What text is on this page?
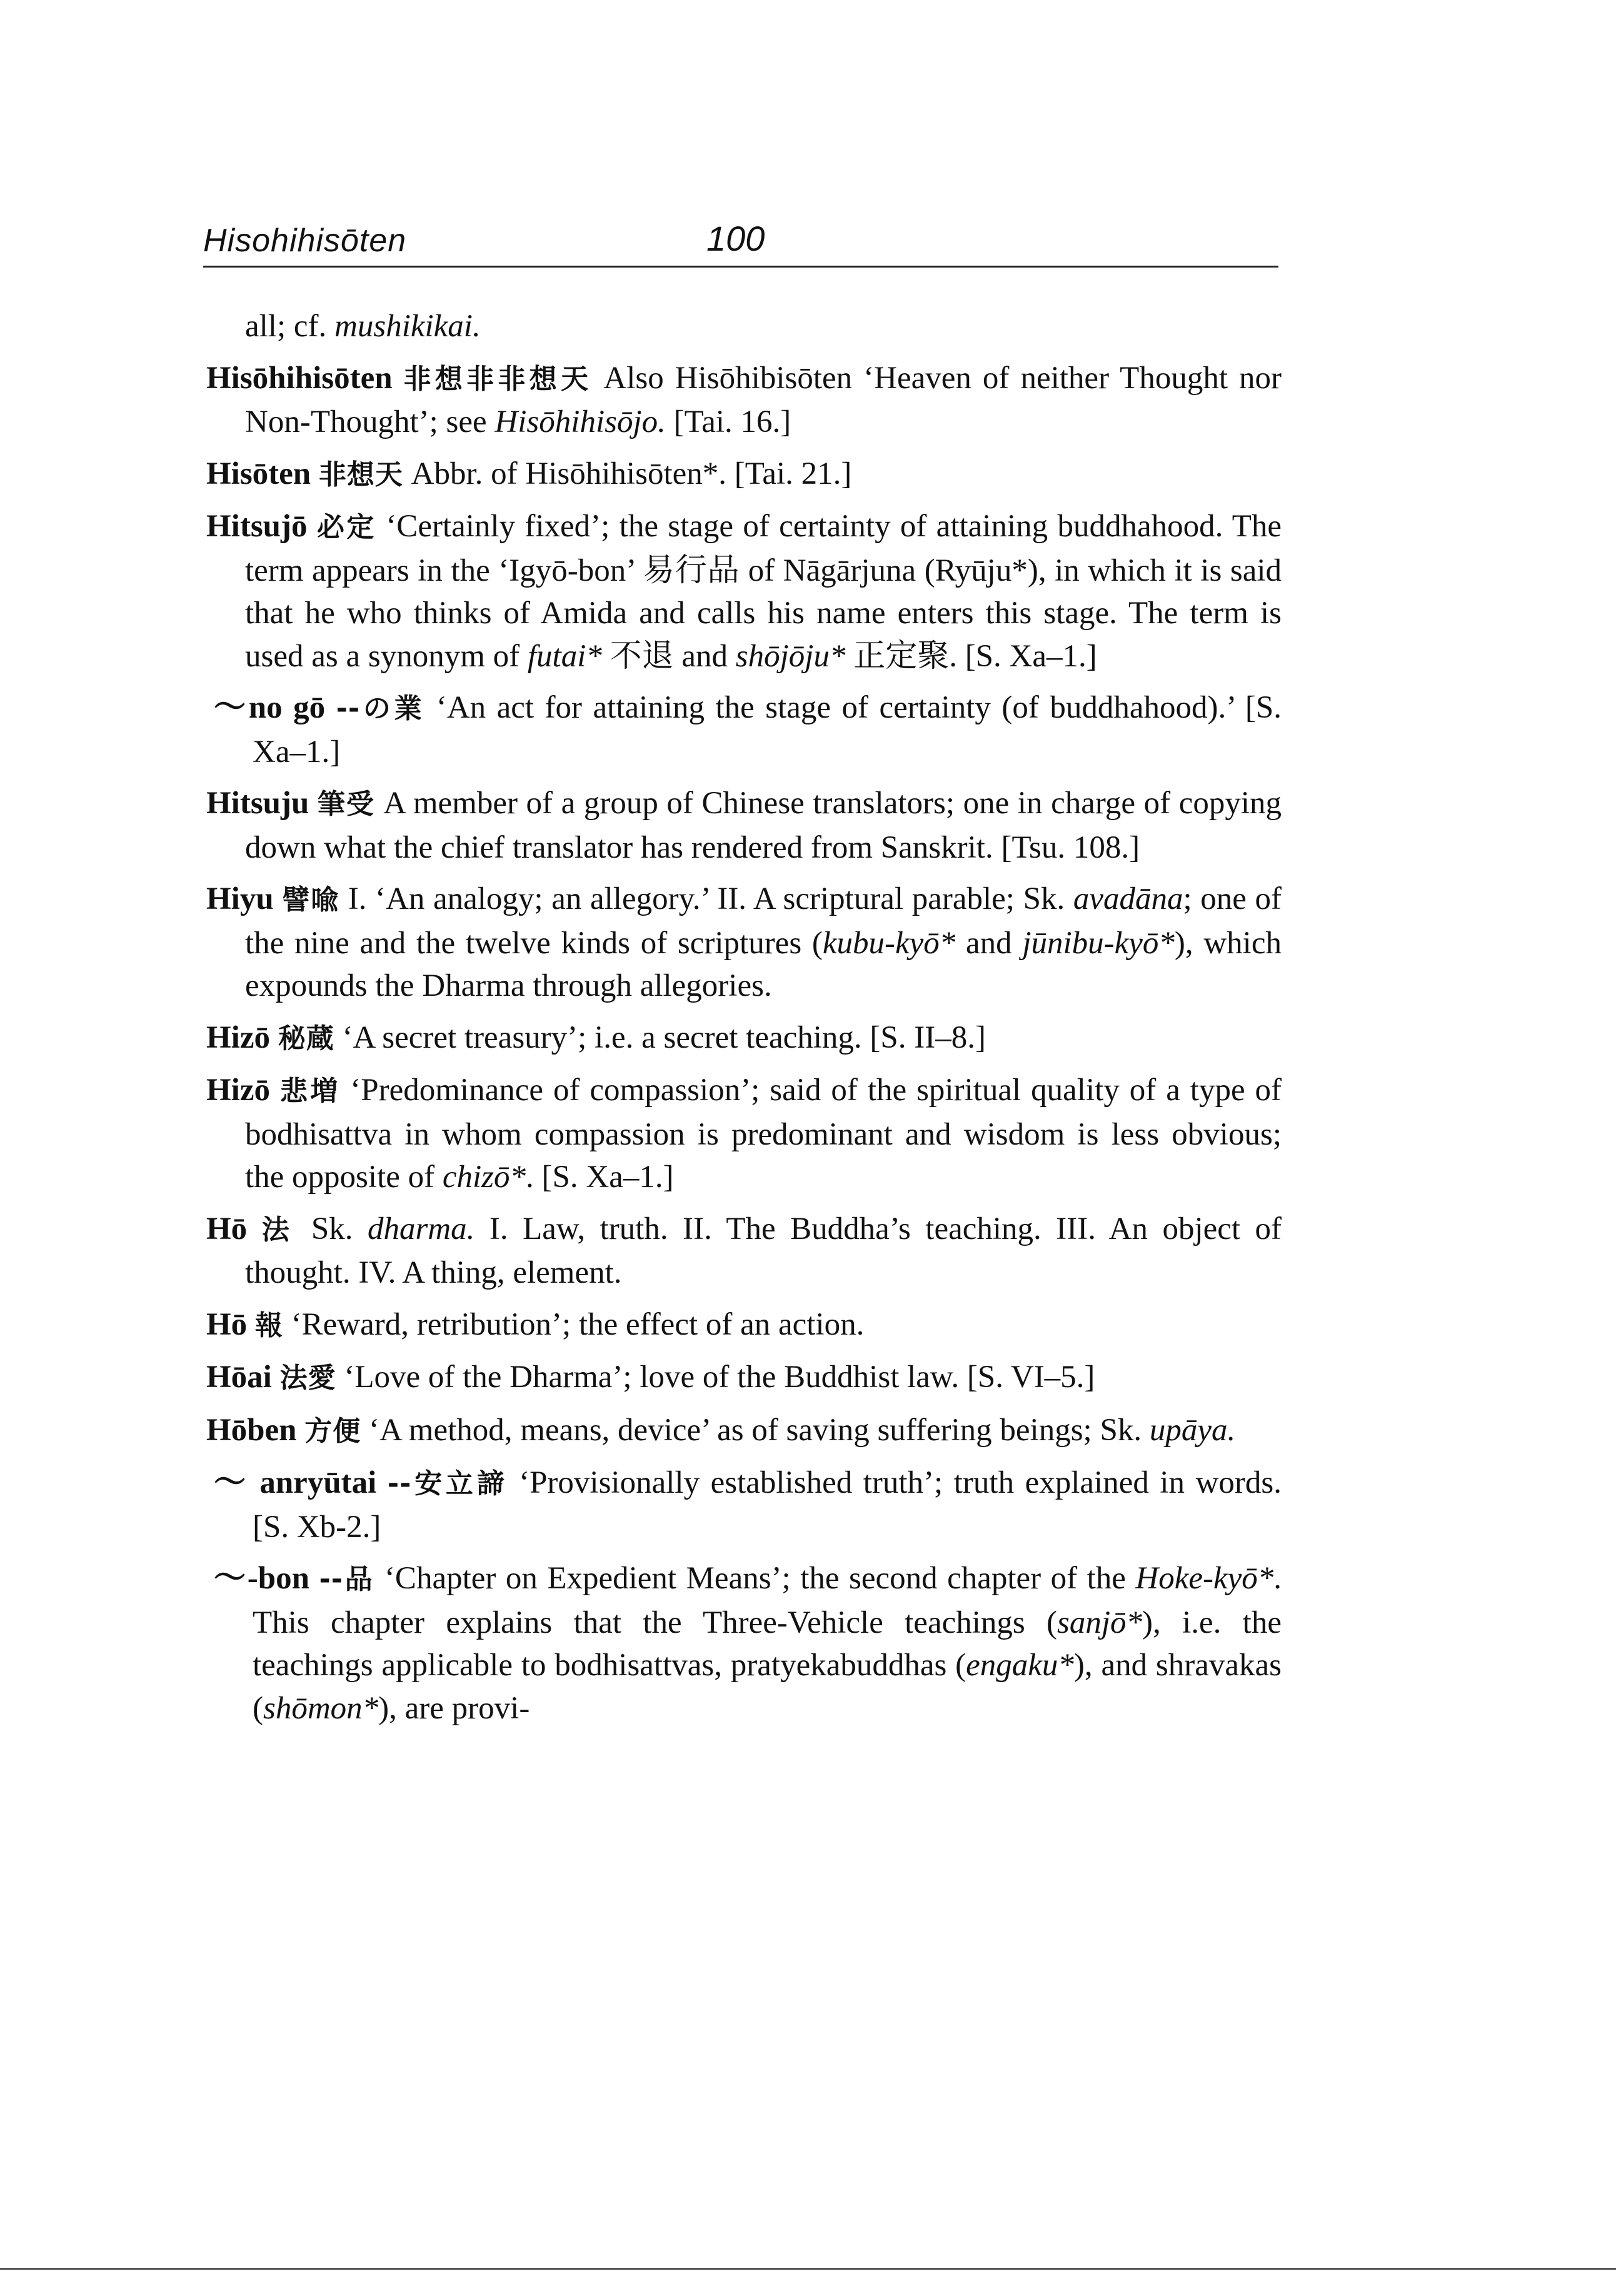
Hisohihisōten	100

all; cf. mushikikai.

Hisōhihisōten 非想非非想天 Also Hisōhibisōten ‘Heaven of neither Thought nor Non-Thought’; see Hisōhihisōjo. [Tai. 16.]

Hisōten 非想天 Abbr. of Hisōhihisōten*. [Tai. 21.]

Hitsujō 必定 ‘Certainly fixed’; the stage of certainty of attaining buddhahood. The term appears in the ‘Igyō-bon’ 易行品 of Nāgārjuna (Ryūju*), in which it is said that he who thinks of Amida and calls his name enters this stage. The term is used as a synonym of futai* 不退 and shōjōju* 正定聚. [S. Xa–1.]

～no gō --の業 ‘An act for attaining the stage of certainty (of buddhahood).’ [S. Xa–1.]

Hitsuju 筆受 A member of a group of Chinese translators; one in charge of copying down what the chief translator has rendered from Sanskrit. [Tsu. 108.]

Hiyu 譬喩 I. ‘An analogy; an allegory.’ II. A scriptural parable; Sk. avadāna; one of the nine and the twelve kinds of scriptures (kubu-kyō* and jūnibu-kyō*), which expounds the Dharma through allegories.

Hizō 秘蔵 ‘A secret treasury’; i.e. a secret teaching. [S. II–8.]

Hizō 悲増 ‘Predominance of compassion’; said of the spiritual quality of a type of bodhisattva in whom compassion is predominant and wisdom is less obvious; the opposite of chizō*. [S. Xa–1.]

Hō 法 Sk. dharma. I. Law, truth. II. The Buddha’s teaching. III. An object of thought. IV. A thing, element.

Hō 報 ‘Reward, retribution’; the effect of an action.

Hōai 法愛 ‘Love of the Dharma’; love of the Buddhist law. [S. VI–5.]

Hōben 方便 ‘A method, means, device’ as of saving suffering beings; Sk. upāya.

～ anryūtai --安立諦 ‘Provisionally established truth’; truth explained in words. [S. Xb-2.]

～-bon --品 ‘Chapter on Expedient Means’; the second chapter of the Hoke-kyō*. This chapter explains that the Three-Vehicle teachings (sanjō*), i.e. the teachings applicable to bodhisattvas, pratyekabuddhas (engaku*), and shravakas (shōmon*), are provi-
